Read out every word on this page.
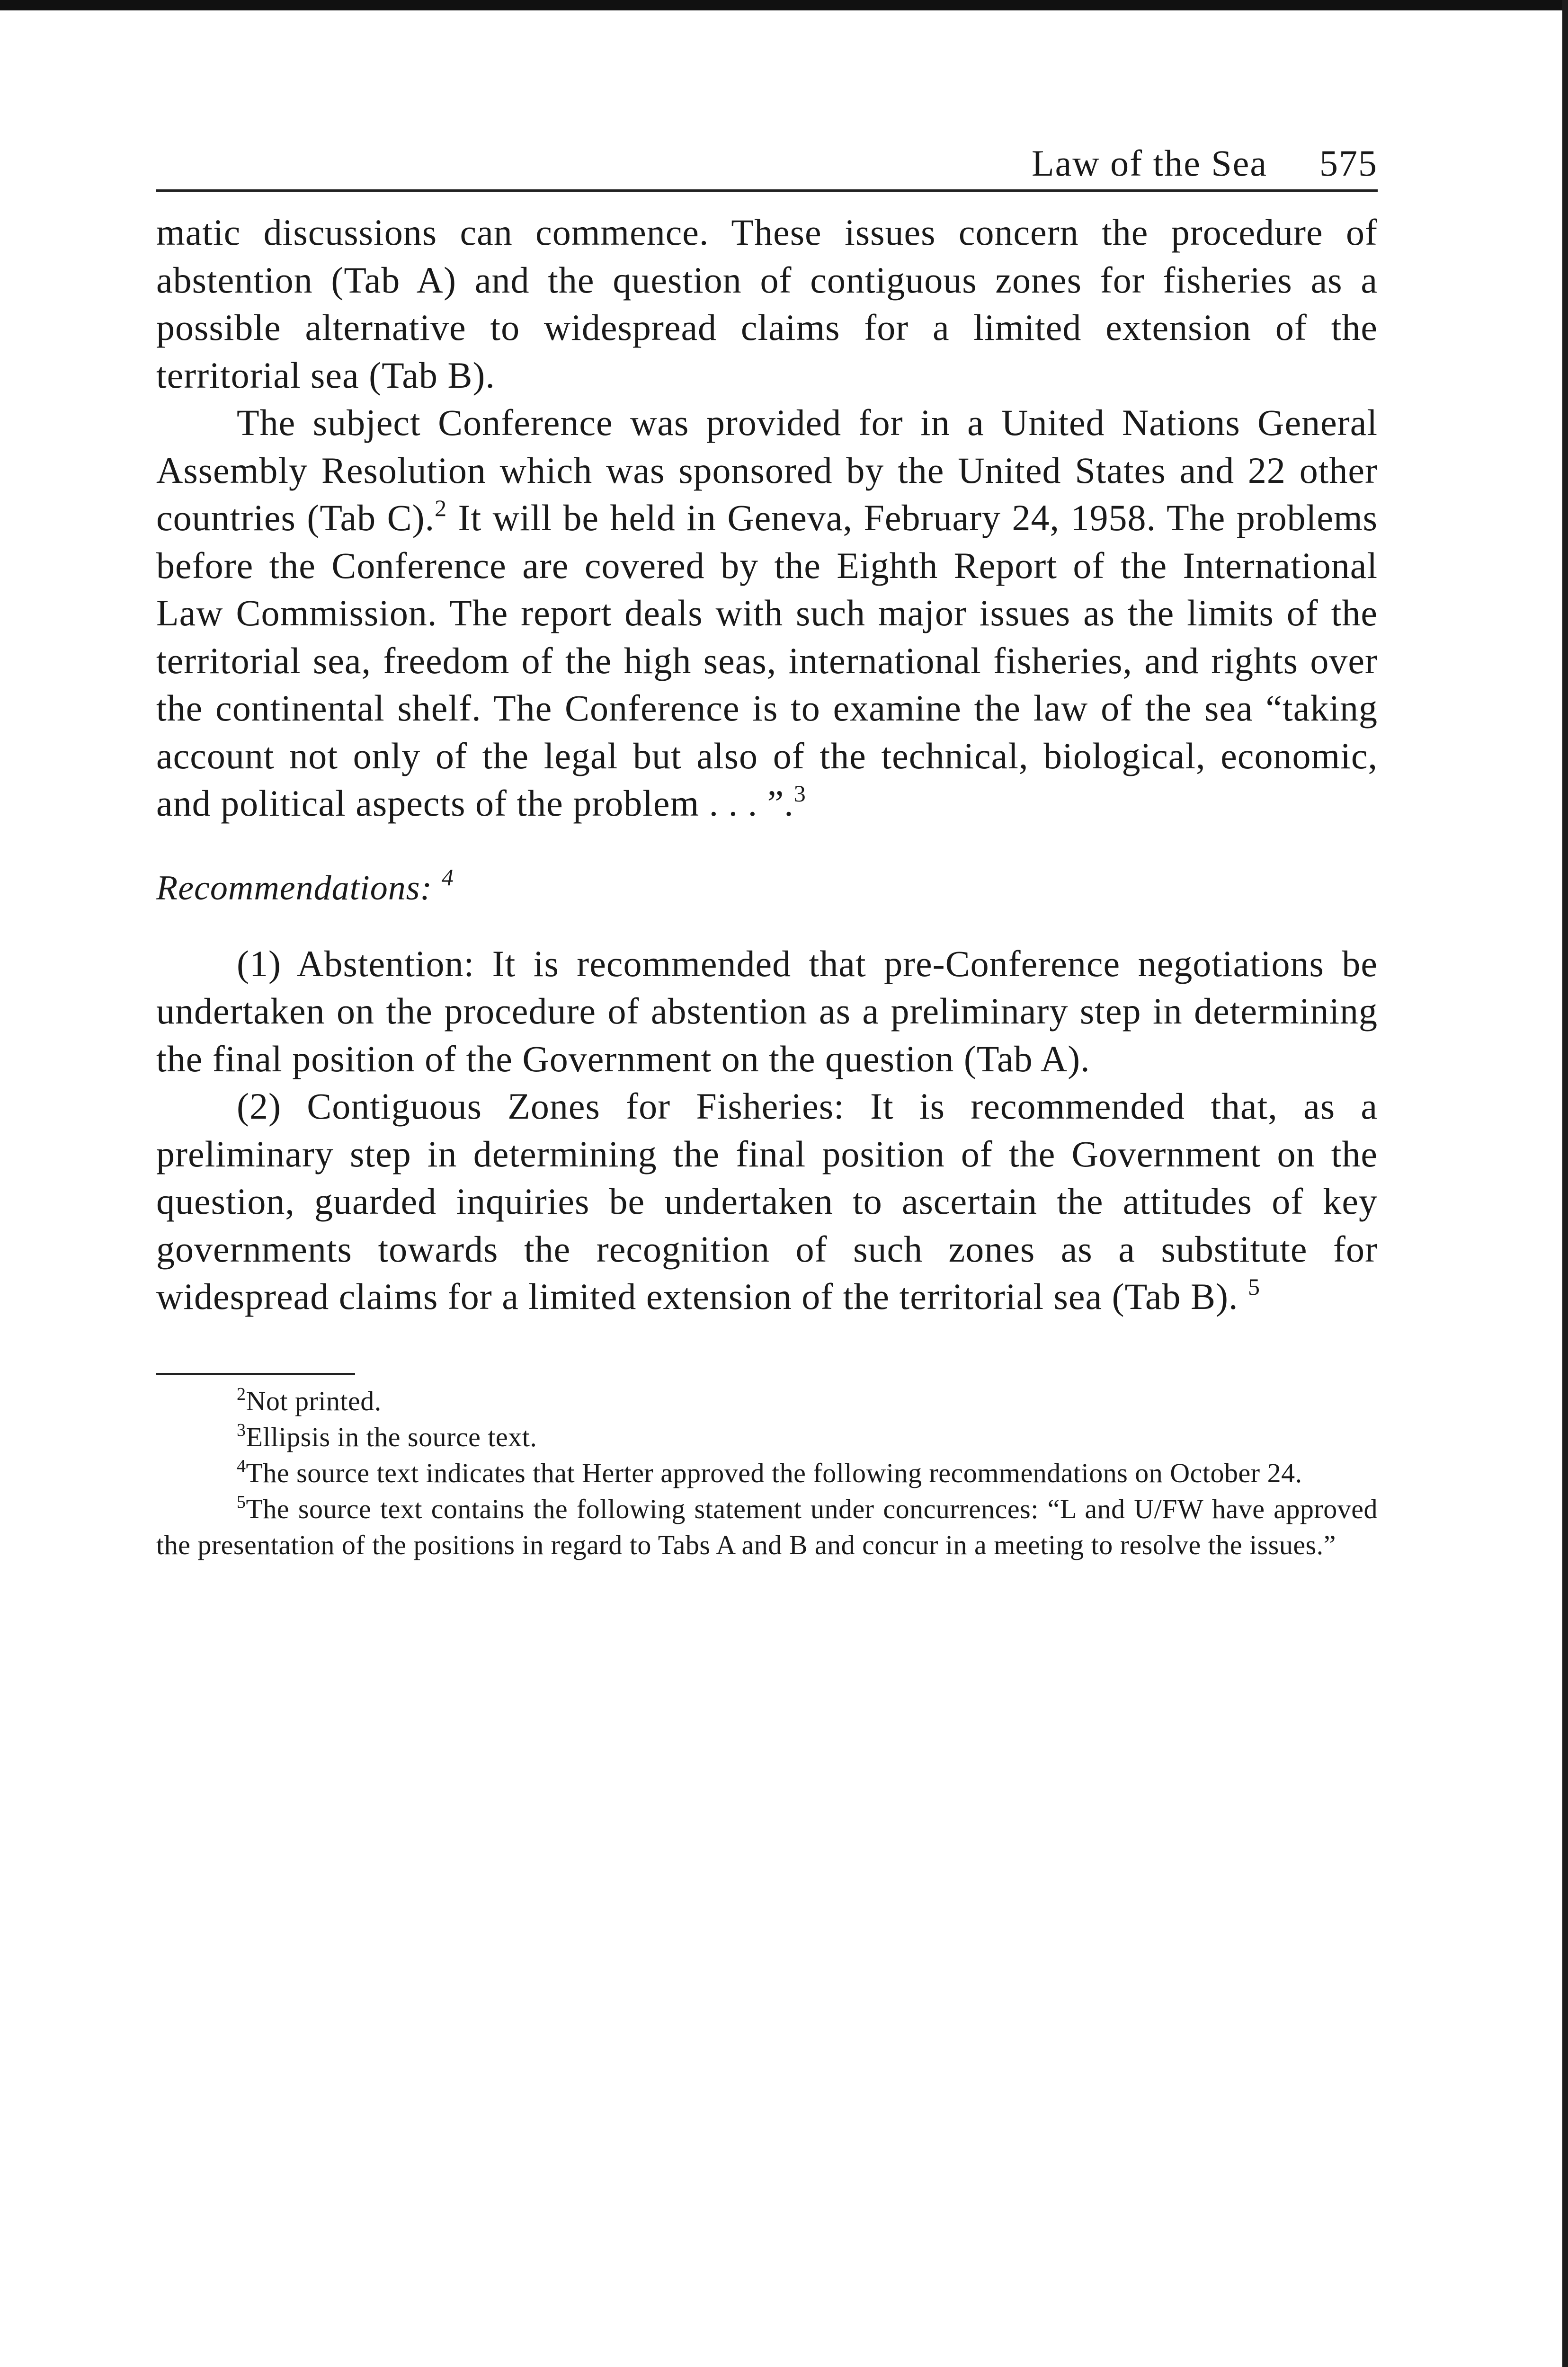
Law of the Sea 575

matic discussions can commence. These issues concern the procedure of abstention (Tab A) and the question of contiguous zones for fisheries as a possible alternative to widespread claims for a limited extension of the territorial sea (Tab B).

The subject Conference was provided for in a United Nations General Assembly Resolution which was sponsored by the United States and 22 other countries (Tab C).$^2$ It will be held in Geneva, February 24, 1958. The problems before the Conference are covered by the Eighth Report of the International Law Commission. The report deals with such major issues as the limits of the territorial sea, freedom of the high seas, international fisheries, and rights over the continental shelf. The Conference is to examine the law of the sea “taking account not only of the legal but also of the technical, biological, economic, and political aspects of the problem . . . ”.$^3$

Recommendations: $^4$

(1) Abstention: It is recommended that pre-Conference negotiations be undertaken on the procedure of abstention as a preliminary step in determining the final position of the Government on the question (Tab A).

(2) Contiguous Zones for Fisheries: It is recommended that, as a preliminary step in determining the final position of the Government on the question, guarded inquiries be undertaken to ascertain the attitudes of key governments towards the recognition of such zones as a substitute for widespread claims for a limited extension of the territorial sea (Tab B). $^5$

$^2$Not printed.

$^3$Ellipsis in the source text.

$^4$The source text indicates that Herter approved the following recommendations on October 24.

$^5$The source text contains the following statement under concurrences: “L and U/FW have approved the presentation of the positions in regard to Tabs A and B and concur in a meeting to resolve the issues.”
